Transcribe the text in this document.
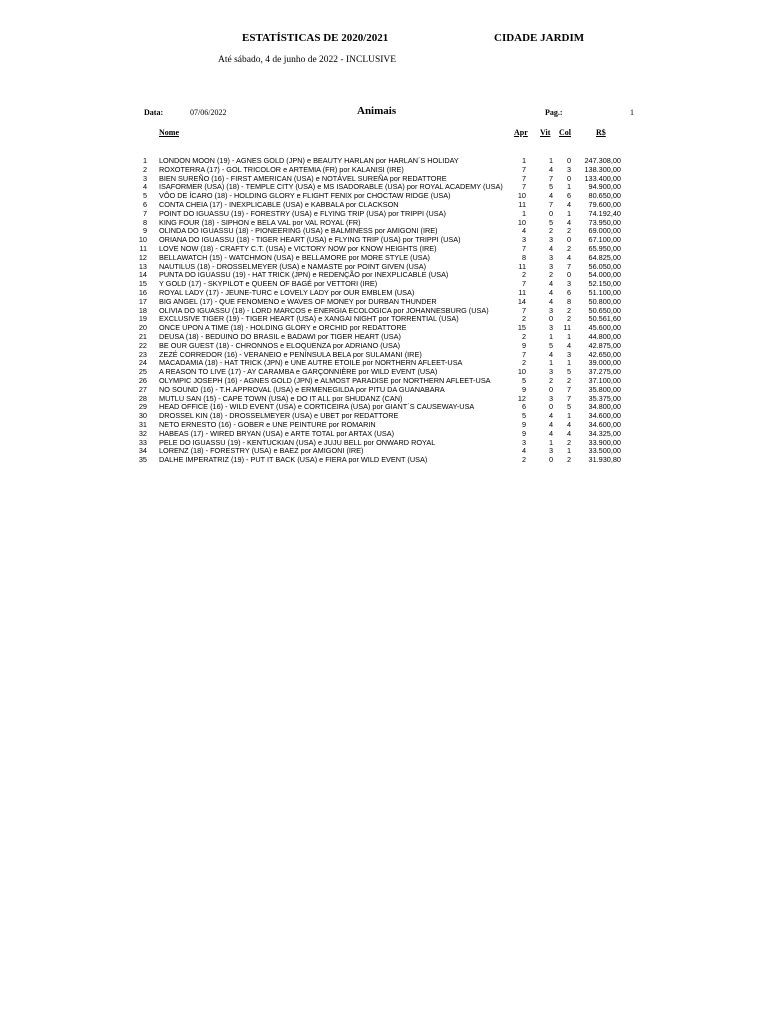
ESTATÍSTICAS DE 2020/2021	CIDADE JARDIM
Até sábado, 4 de junho de 2022 - INCLUSIVE
Data:	07/06/2022	Animais	Pag.:	1
Nome	Apr Vit Col	R$
1 LONDON MOON (19) - AGNES GOLD (JPN) e BEAUTY HARLAN por HARLAN´S HOLIDAY	1	1	0	247.308,00
2 ROXOTERRA (17) - GOL TRICOLOR e ARTEMIA (FR) por KALANISI (IRE)	7	4	3	138.300,00
3 BIEN SUREÑO (16) - FIRST AMERICAN (USA) e NOTÁVEL SUREÑA por REDATTORE	7	7	0	133.400,00
4 ISAFORMER (USA) (18) - TEMPLE CITY (USA) e MS ISADORABLE (USA) por ROYAL ACADEMY (USA)	7	5	1	94.900,00
5 VÔO DE ÍCARO (18) - HOLDING GLORY e FLIGHT FENIX por CHOCTAW RIDGE (USA)	10	4	6	80.650,00
6 CONTA CHEIA (17) - INEXPLICABLE (USA) e KABBALA por CLACKSON	11	7	4	79.600,00
7 POINT DO IGUASSU (19) - FORESTRY (USA) e FLYING TRIP (USA) por TRIPPI (USA)	1	0	1	74.192,40
8 KING FOUR (18) - SIPHON e BELA VAL por VAL ROYAL (FR)	10	5	4	73.950,00
9 OLINDA DO IGUASSU (18) - PIONEERING (USA) e BALMINESS por AMIGONI (IRE)	4	2	2	69.000,00
10 ORIANA DO IGUASSU (18) - TIGER HEART (USA) e FLYING TRIP (USA) por TRIPPI (USA)	3	3	0	67.100,00
11 LOVE NOW (18) - CRAFTY C.T. (USA) e VICTORY NOW por KNOW HEIGHTS (IRE)	7	4	2	65.950,00
12 BELLAWATCH (15) - WATCHMON (USA) e BELLAMORE por MORE STYLE (USA)	8	3	4	64.825,00
13 NAUTILUS (18) - DROSSELMEYER (USA) e NAMASTE por POINT GIVEN (USA)	11	3	7	56.050,00
14 PUNTA DO IGUASSU (19) - HAT TRICK (JPN) e REDENÇÃO por INEXPLICABLE (USA)	2	2	0	54.000,00
15 Y GOLD (17) - SKYPILOT e QUEEN OF BAGÉ por VETTORI (IRE)	7	4	3	52.150,00
16 ROYAL LADY (17) - JEUNE-TURC e LOVELY LADY por OUR EMBLEM (USA)	11	4	6	51.100,00
17 BIG ANGEL (17) - QUE FENOMENO e WAVES OF MONEY por DURBAN THUNDER	14	4	8	50.800,00
18 OLIVIA DO IGUASSU (18) - LORD MARCOS e ENERGIA ECOLOGICA por JOHANNESBURG (USA)	7	3	2	50.650,00
19 EXCLUSIVE TIGER (19) - TIGER HEART (USA) e XANGAI NIGHT por TORRENTIAL (USA)	2	0	2	50.561,60
20 ONCE UPON A TIME (18) - HOLDING GLORY e ORCHID por REDATTORE	15	3	11	45.600,00
21 DEUSA (18) - BEDUINO DO BRASIL e BADAWI por TIGER HEART (USA)	2	1	1	44.800,00
22 BE OUR GUEST (18) - CHRONNOS e ELOQUENZA por ADRIANO (USA)	9	5	4	42.875,00
23 ZEZÉ CORREDOR (16) - VERANEIO e PENÍNSULA BELA por SULAMANI (IRE)	7	4	3	42.650,00
24 MACADAMIA (18) - HAT TRICK (JPN) e UNE AUTRE ETOILE por NORTHERN AFLEET-USA	2	1	1	39.000,00
25 A REASON TO LIVE (17) - AY CARAMBA e GARÇONNIÈRE por WILD EVENT (USA)	10	3	5	37.275,00
26 OLYMPIC JOSEPH (16) - AGNES GOLD (JPN) e ALMOST PARADISE por NORTHERN AFLEET-USA	5	2	2	37.100,00
27 NO SOUND (16) - T.H.APPROVAL (USA) e ERMENEGILDA por PITU DA GUANABARA	9	0	7	35.800,00
28 MUTLU SAN (15) - CAPE TOWN (USA) e DO IT ALL por SHUDANZ (CAN)	12	3	7	35.375,00
29 HEAD OFFICE (16) - WILD EVENT (USA) e CORTICEIRA (USA) por GIANT´S CAUSEWAY-USA	6	0	5	34.800,00
30 DROSSEL KIN (18) - DROSSELMEYER (USA) e UBET por REDATTORE	5	4	1	34.600,00
31 NETO ERNESTO (16) - GOBER e UNE PEINTURE por ROMARIN	9	4	4	34.600,00
32 HABEAS (17) - WIRED BRYAN (USA) e ARTE TOTAL por ARTAX (USA)	9	4	4	34.325,00
33 PELE DO IGUASSU (19) - KENTUCKIAN (USA) e JUJU BELL por ONWARD ROYAL	3	1	2	33.900,00
34 LORENZ (18) - FORESTRY (USA) e BAEZ por AMIGONI (IRE)	4	3	1	33.500,00
35 DALHE IMPERATRIZ (19) - PUT IT BACK (USA) e FIERA por WILD EVENT (USA)	2	0	2	31.930,80
